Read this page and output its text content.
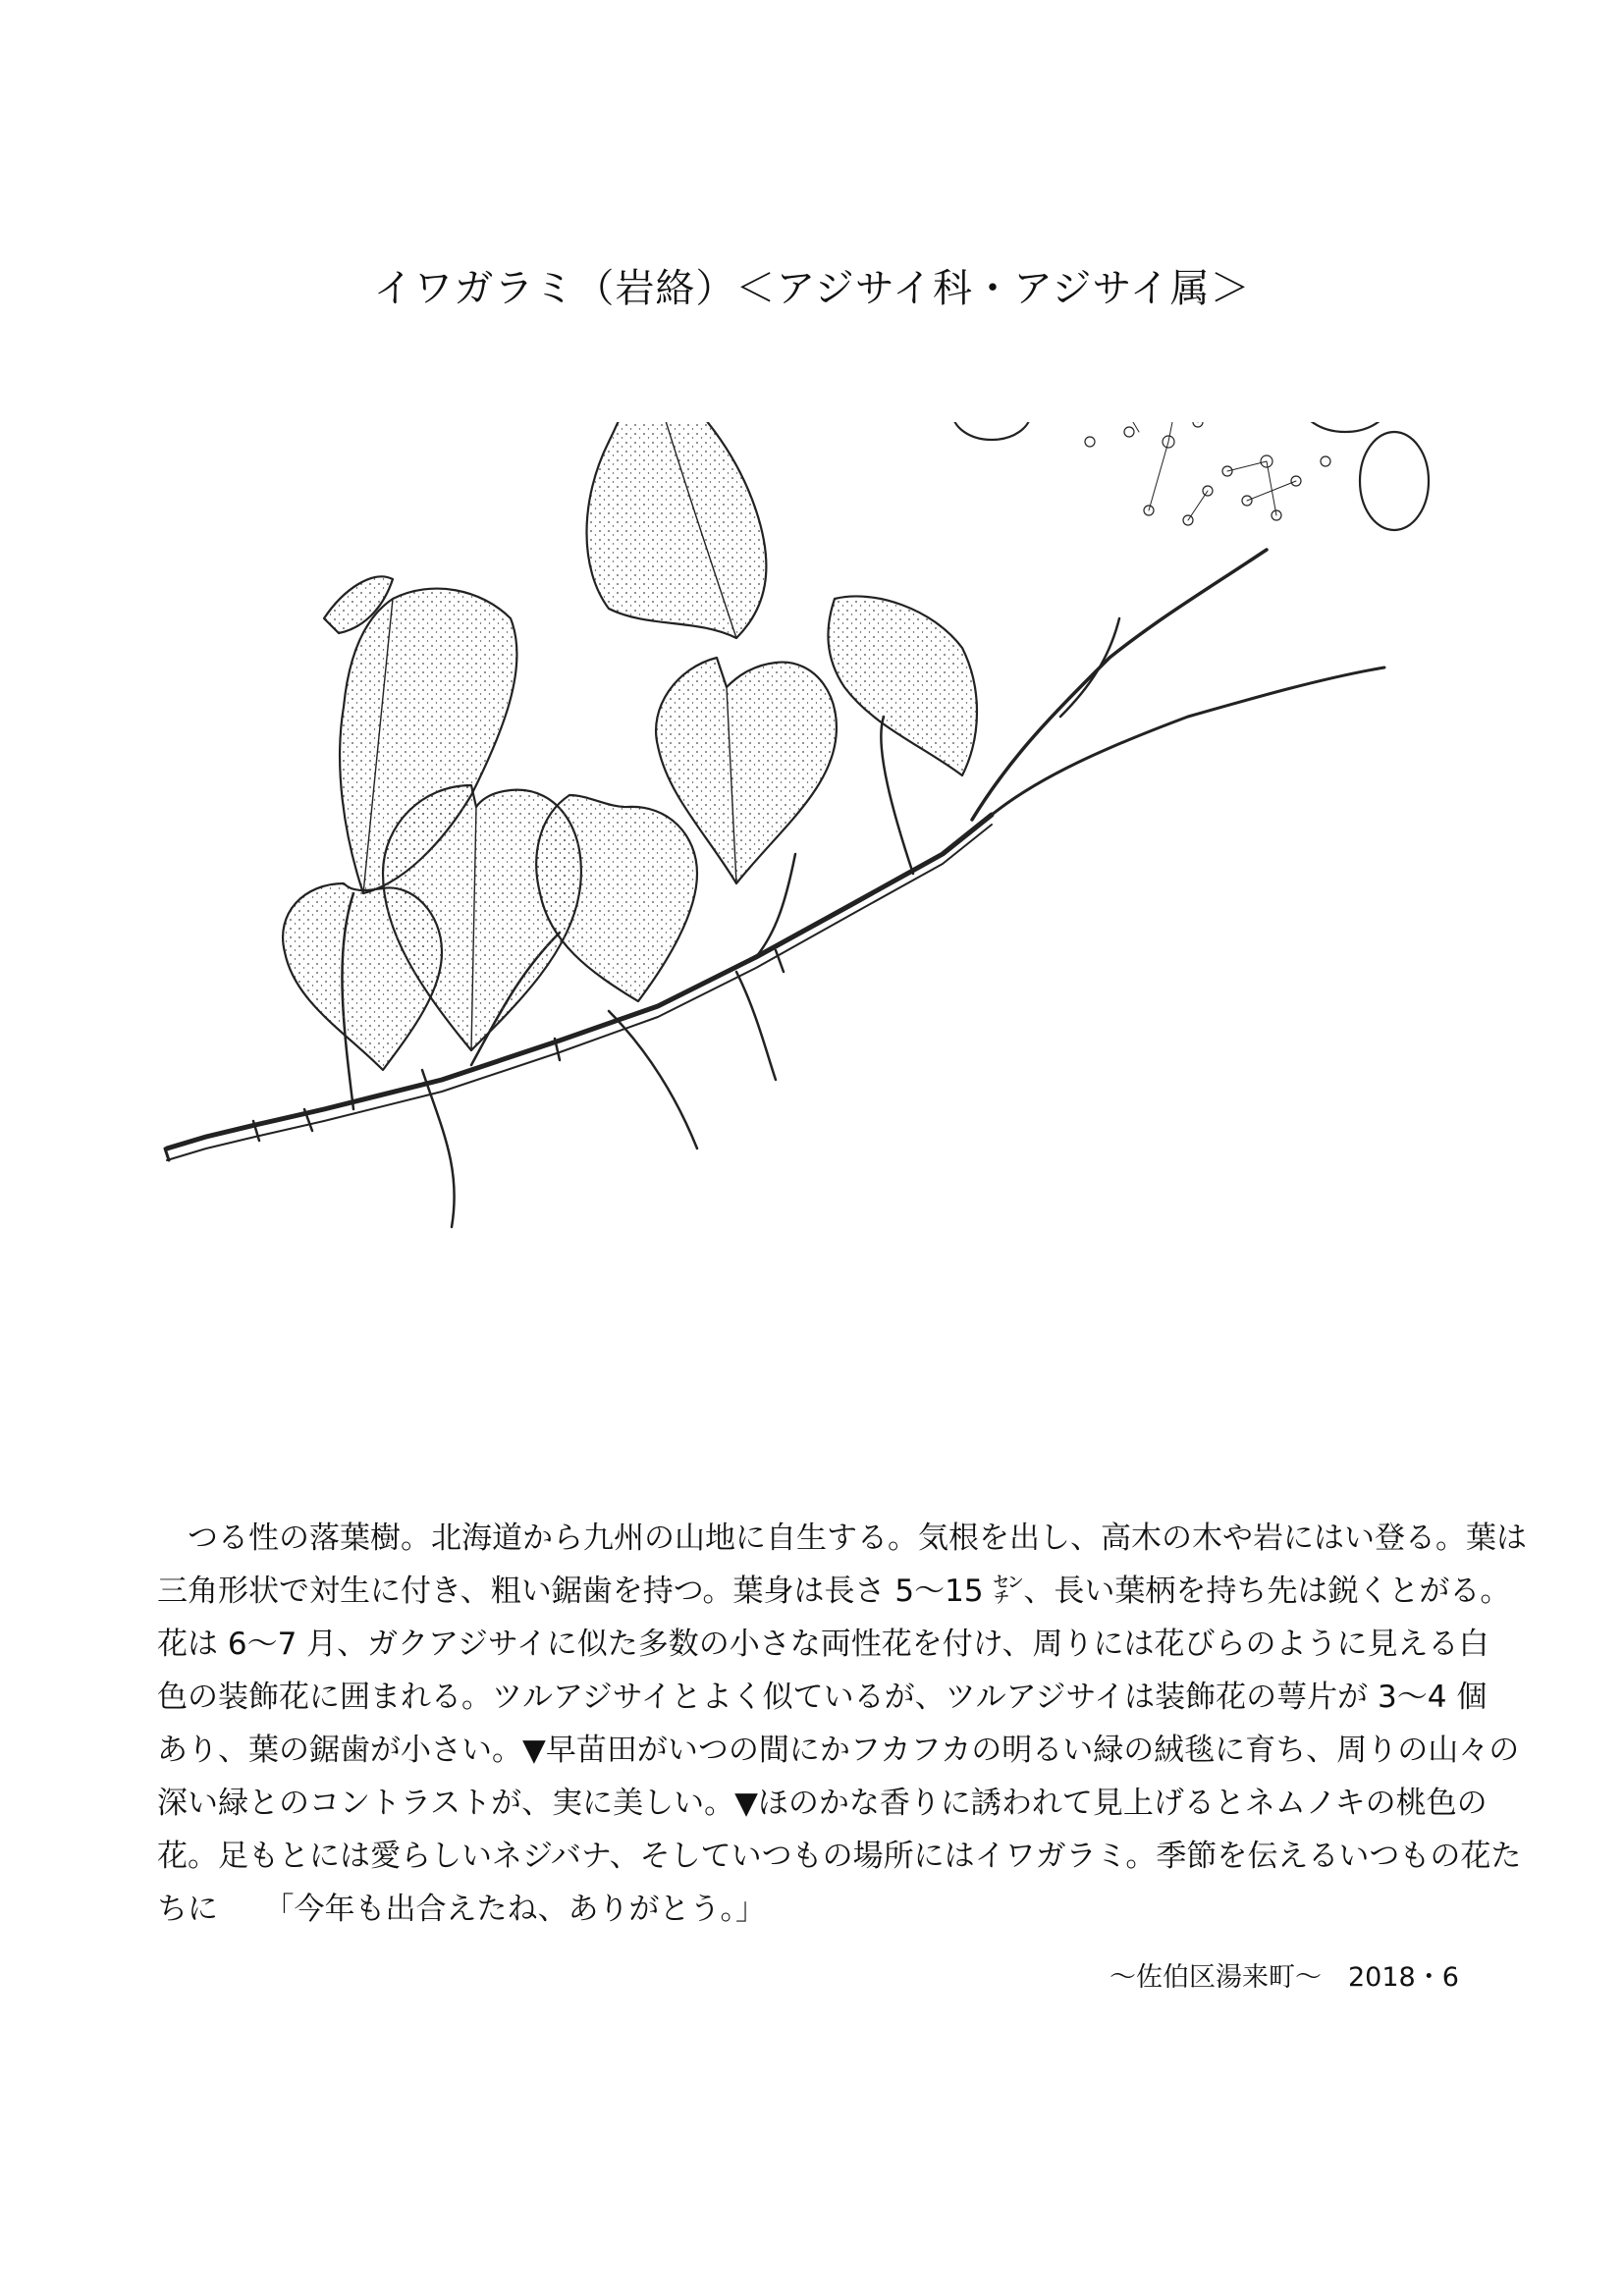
イワガラミ（岩絡）＜アジサイ科・アジサイ属＞

　つる性の落葉樹。北海道から九州の山地に自生する。気根を出し、高木の木や岩にはい登る。葉は
三角形状で対生に付き、粗い鋸歯を持つ。葉身は長さ 5～15 ㌢、長い葉柄を持ち先は鋭くとがる。
花は 6～7 月、ガクアジサイに似た多数の小さな両性花を付け、周りには花びらのように見える白
色の装飾花に囲まれる。ツルアジサイとよく似ているが、ツルアジサイは装飾花の萼片が 3～4 個
あり、葉の鋸歯が小さい。▼早苗田がいつの間にかフカフカの明るい緑の絨毯に育ち、周りの山々の
深い緑とのコントラストが、実に美しい。▼ほのかな香りに誘われて見上げるとネムノキの桃色の
花。足もとには愛らしいネジバナ、そしていつもの場所にはイワガラミ。季節を伝えるいつもの花た
ちに　　「今年も出合えたね、ありがとう。」

～佐伯区湯来町～　2018・6
